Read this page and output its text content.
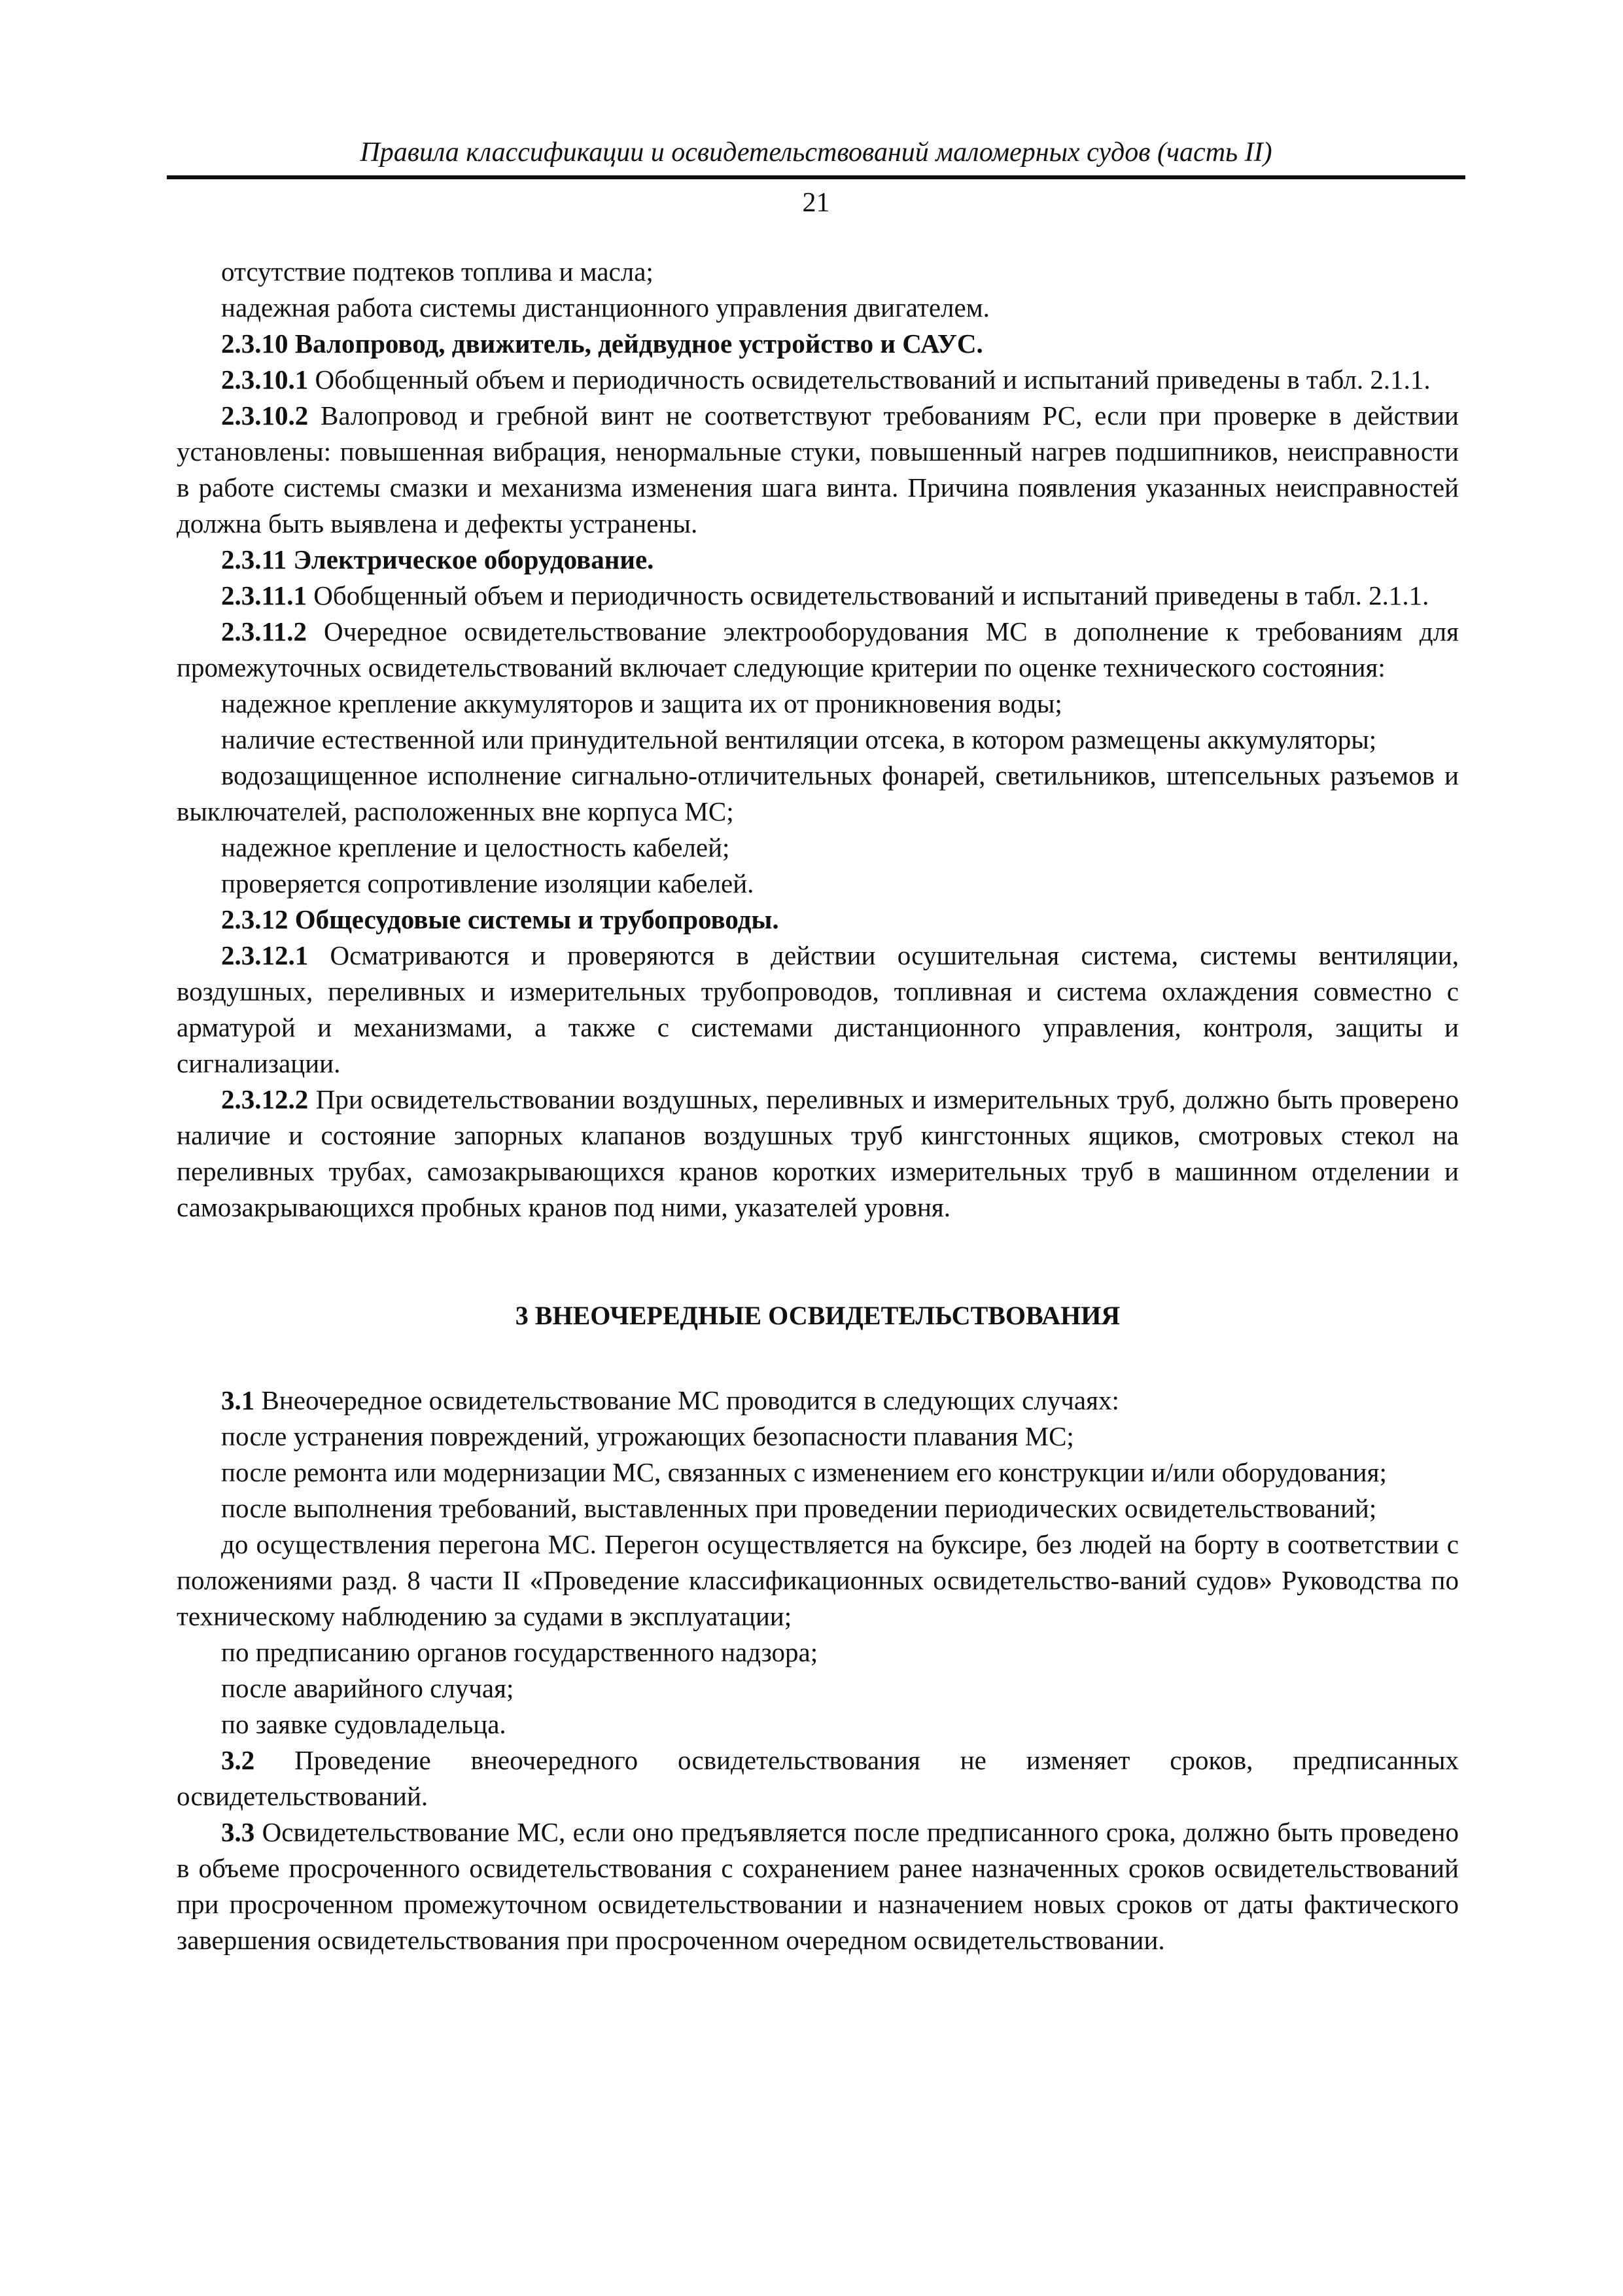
Правила классификации и освидетельствований маломерных судов (часть II)

21

отсутствие подтеков топлива и масла;

надежная работа системы дистанционного управления двигателем.

2.3.10 Валопровод, движитель, дейдвудное устройство и САУС.

2.3.10.1 Обобщенный объем и периодичность освидетельствований и испытаний приведены в табл. 2.1.1.

2.3.10.2 Валопровод и гребной винт не соответствуют требованиям РС, если при проверке в действии установлены: повышенная вибрация, ненормальные стуки, повышенный нагрев подшипников, неисправности в работе системы смазки и механизма изменения шага винта. Причина появления указанных неисправностей должна быть выявлена и дефекты устранены.

2.3.11 Электрическое оборудование.

2.3.11.1 Обобщенный объем и периодичность освидетельствований и испытаний приведены в табл. 2.1.1.

2.3.11.2 Очередное освидетельствование электрооборудования МС в дополнение к требованиям для промежуточных освидетельствований включает следующие критерии по оценке технического состояния:

надежное крепление аккумуляторов и защита их от проникновения воды;

наличие естественной или принудительной вентиляции отсека, в котором размещены аккумуляторы;

водозащищенное исполнение сигнально-отличительных фонарей, светильников, штепсельных разъемов и выключателей, расположенных вне корпуса МС;

надежное крепление и целостность кабелей;

проверяется сопротивление изоляции кабелей.

2.3.12 Общесудовые системы и трубопроводы.

2.3.12.1 Осматриваются и проверяются в действии осушительная система, системы вентиляции, воздушных, переливных и измерительных трубопроводов, топливная и система охлаждения совместно с арматурой и механизмами, а также с системами дистанционного управления, контроля, защиты и сигнализации.

2.3.12.2 При освидетельствовании воздушных, переливных и измерительных труб, должно быть проверено наличие и состояние запорных клапанов воздушных труб кингстонных ящиков, смотровых стекол на переливных трубах, самозакрывающихся кранов коротких измерительных труб в машинном отделении и самозакрывающихся пробных кранов под ними, указателей уровня.

3 ВНЕОЧЕРЕДНЫЕ ОСВИДЕТЕЛЬСТВОВАНИЯ

3.1 Внеочередное освидетельствование МС проводится в следующих случаях:

после устранения повреждений, угрожающих безопасности плавания МС;

после ремонта или модернизации МС, связанных с изменением его конструкции и/или оборудования;

после выполнения требований, выставленных при проведении периодических освидетельствований;

до осуществления перегона МС. Перегон осуществляется на буксире, без людей на борту в соответствии с положениями разд. 8 части II «Проведение классификационных освидетельство-ваний судов» Руководства по техническому наблюдению за судами в эксплуатации;

по предписанию органов государственного надзора;

после аварийного случая;

по заявке судовладельца.

3.2 Проведение внеочередного освидетельствования не изменяет сроков, предписанных освидетельствований.

3.3 Освидетельствование МС, если оно предъявляется после предписанного срока, должно быть проведено в объеме просроченного освидетельствования с сохранением ранее назначенных сроков освидетельствований при просроченном промежуточном освидетельствовании и назначением новых сроков от даты фактического завершения освидетельствования при просроченном очередном освидетельствовании.
